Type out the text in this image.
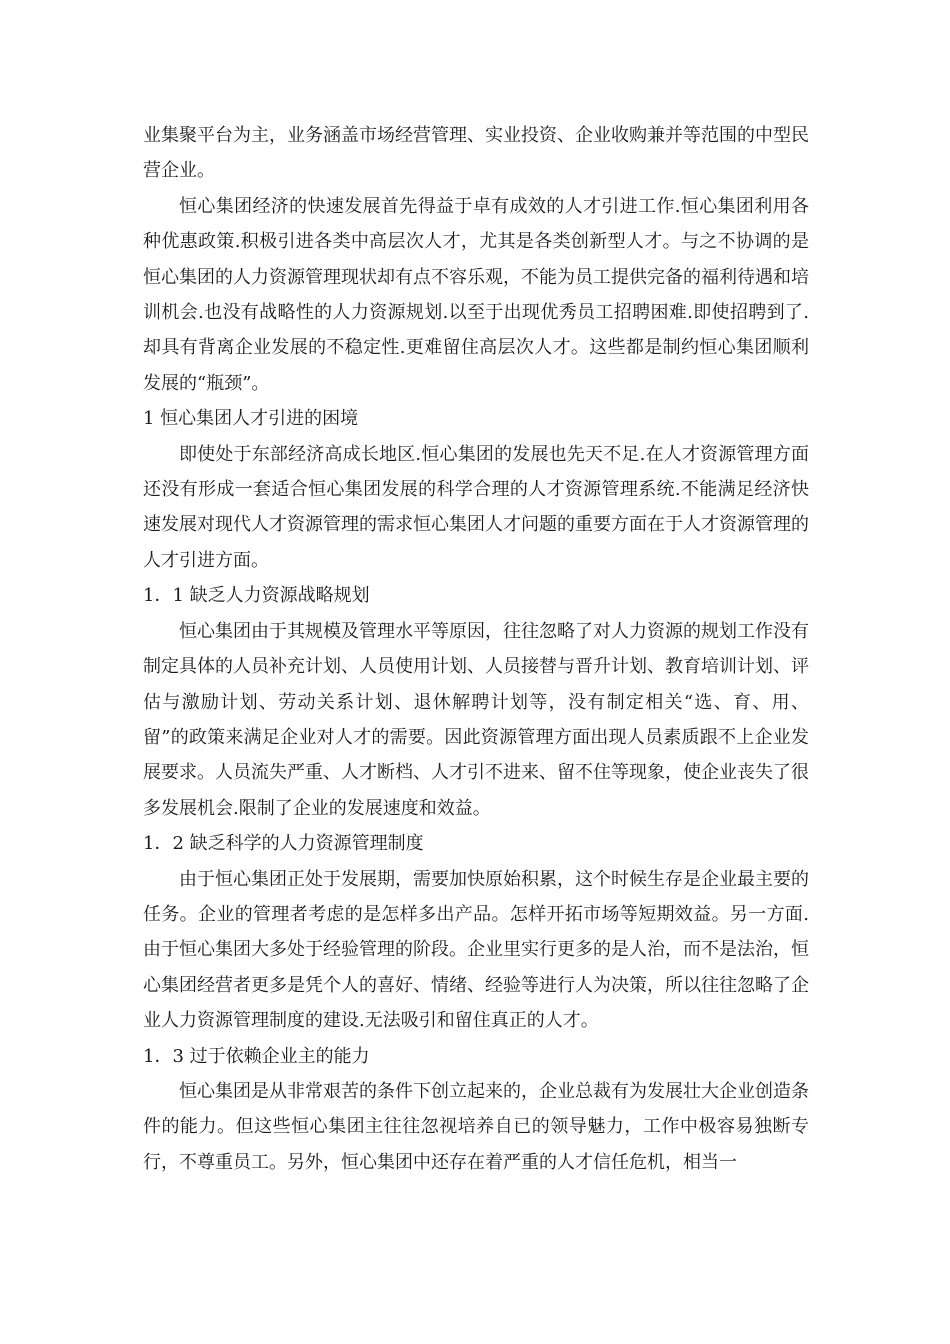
业集聚平台为主，业务涵盖市场经营管理、实业投资、企业收购兼并等范围的中型民营企业。

恒心集团经济的快速发展首先得益于卓有成效的人才引进工作.恒心集团利用各种优惠政策.积极引进各类中高层次人才，尤其是各类创新型人才。与之不协调的是恒心集团的人力资源管理现状却有点不容乐观，不能为员工提供完备的福利待遇和培训机会.也没有战略性的人力资源规划.以至于出现优秀员工招聘困难.即使招聘到了.却具有背离企业发展的不稳定性.更难留住高层次人才。这些都是制约恒心集团顺利发展的“瓶颈”。

1 恒心集团人才引进的困境

即使处于东部经济高成长地区.恒心集团的发展也先天不足.在人才资源管理方面还没有形成一套适合恒心集团发展的科学合理的人才资源管理系统.不能满足经济快速发展对现代人才资源管理的需求恒心集团人才问题的重要方面在于人才资源管理的人才引进方面。

1．1 缺乏人力资源战略规划

恒心集团由于其规模及管理水平等原因，往往忽略了对人力资源的规划工作没有制定具体的人员补充计划、人员使用计划、人员接替与晋升计划、教育培训计划、评估与激励计划、劳动关系计划、退休解聘计划等，没有制定相关“选、育、用、留”的政策来满足企业对人才的需要。因此资源管理方面出现人员素质跟不上企业发展要求。人员流失严重、人才断档、人才引不进来、留不住等现象，使企业丧失了很多发展机会.限制了企业的发展速度和效益。

1．2 缺乏科学的人力资源管理制度

由于恒心集团正处于发展期，需要加快原始积累，这个时候生存是企业最主要的任务。企业的管理者考虑的是怎样多出产品。怎样开拓市场等短期效益。另一方面.由于恒心集团大多处于经验管理的阶段。企业里实行更多的是人治，而不是法治，恒心集团经营者更多是凭个人的喜好、情绪、经验等进行人为决策，所以往往忽略了企业人力资源管理制度的建设.无法吸引和留住真正的人才。

1．3 过于依赖企业主的能力

恒心集团是从非常艰苦的条件下创立起来的，企业总裁有为发展壮大企业创造条件的能力。但这些恒心集团主往往忽视培养自已的领导魅力，工作中极容易独断专行，不尊重员工。另外，恒心集团中还存在着严重的人才信任危机，相当一
